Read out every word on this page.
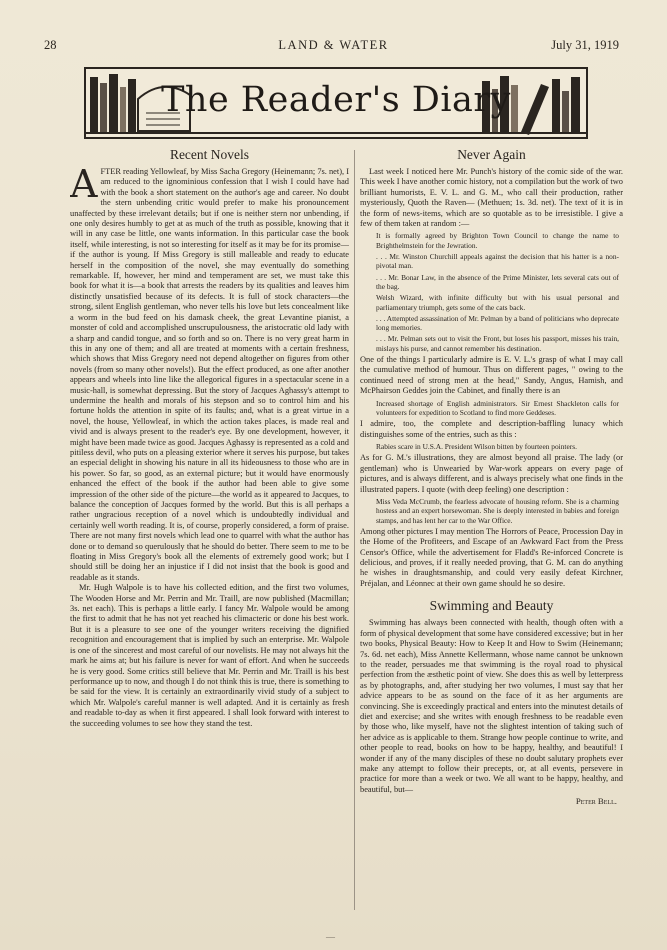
28	LAND & WATER	July 31, 1919
The Reader's Diary
Recent Novels
A FTER reading Yellowleaf, by Miss Sacha Gregory (Heinemann; 7s. net), I am reduced to the ignominious confession that I wish I could have had with the book a short statement on the author's age and career. No doubt the stern unbending critic would prefer to make his pronouncement unaffected by these irrelevant details; but if one is neither stern nor unbending, if one only desires humbly to get at as much of the truth as possible, knowing that it will in any case be little, one wants information. In this particular case the book itself, while interesting, is not so interesting for itself as it may be for its promise—if the author is young. If Miss Gregory is still malleable and ready to educate herself in the composition of the novel, she may eventually do something remarkable. If, however, her mind and temperament are set, we must take this book for what it is—a book that arrests the readers by its qualities and leaves him distinctly unsatisfied because of its defects. It is full of stock characters—the strong, silent English gentleman, who never tells his love but lets concealment like a worm in the bud feed on his damask cheek, the great Levantine pianist, a monster of cold and accomplished unscrupulousness, the aristocratic old lady with a sharp and candid tongue, and so forth and so on. There is no very great harm in this in any one of them; and all are treated at moments with a certain freshness, which shows that Miss Gregory need not depend altogether on figures from other novels (from so many other novels!). But the effect produced, as one after another appears and wheels into line like the allegorical figures in a spectacular scene in a music-hall, is somewhat depressing. But the story of Jacques Aghassy's attempt to undermine the health and morals of his stepson and so to control him and his fortune holds the attention in spite of its faults; and, what is a great virtue in a novel, the house, Yellowleaf, in which the action takes places, is made real and vivid and is always present to the reader's eye. By one development, however, it might have been made twice as good. Jacques Aghassy is represented as a cold and pitiless devil, who puts on a pleasing exterior where it serves his purpose, but takes an especial delight in showing his nature in all its hideousness to those who are in his power. So far, so good, as an external picture; but it would have enormously enhanced the effect of the book if the author had been able to give some impression of the other side of the picture—the world as it appeared to Jacques, to balance the conception of Jacques formed by the world. But this is all perhaps a rather ungracious reception of a novel which is undoubtedly individual and certainly well worth reading. It is, of course, properly considered, a form of praise. There are not many first novels which lead one to quarrel with what the author has done or to demand so querulously that he should do better. There seem to me to be floating in Miss Gregory's book all the elements of extremely good work; but I should still be doing her an injustice if I did not insist that the book is good and readable as it stands.

Mr. Hugh Walpole is to have his collected edition, and the first two volumes, The Wooden Horse and Mr. Perrin and Mr. Traill, are now published (Macmillan; 3s. net each). This is perhaps a little early. I fancy Mr. Walpole would be among the first to admit that he has not yet reached his climacteric or done his best work. But it is a pleasure to see one of the younger writers receiving the dignified recognition and encouragement that is implied by such an enterprise. Mr. Walpole is one of the sincerest and most careful of our novelists. He may not always hit the mark he aims at; but his failure is never for want of effort. And when he succeeds he is very good. Some critics still believe that Mr. Perrin and Mr. Traill is his best performance up to now, and though I do not think this is true, there is something to be said for the view. It is certainly an extraordinarily vivid study of a subject to which Mr. Walpole's careful manner is well adapted. And it is certainly as fresh and readable to-day as when it first appeared. I shall look forward with interest to the succeeding volumes to see how they stand the test.

Never Again

Last week I noticed here Mr. Punch's history of the comic side of the war. This week I have another comic history, not a compilation but the work of two brilliant humorists, E. V. L. and G. M., who call their production, rather mysteriously, Quoth the Raven— (Methuen; 1s. 3d. net). The text of it is in the form of news-items, which are so quotable as to be irresistible. I give a few of them taken at random :—

It is formally agreed by Brighton Town Council to change the name to Brighthelmstein for the Jewration.
. . . Mr. Winston Churchill appeals against the decision that his hatter is a non-pivotal man.
. . . Mr. Bonar Law, in the absence of the Prime Minister, lets several cats out of the bag.
Welsh Wizard, with infinite difficulty but with his usual personal and parliamentary triumph, gets some of the cats back.
. . . Attempted assassination of Mr. Pelman by a band of politicians who deprecate long memories.
. . . Mr. Pelman sets out to visit the Front, but loses his passport, misses his train, mislays his purse, and cannot remember his destination.

One of the things I particularly admire is E. V. L.'s grasp of what I may call the cumulative method of humour. Thus on different pages, " owing to the continued need of strong men at the head," Sandy, Angus, Hamish, and McPhairson Geddes join the Cabinet, and finally there is an

Increased shortage of English administrators. Sir Ernest Shackleton calls for volunteers for expedition to Scotland to find more Geddeses.

I admire, too, the complete and description-baffling lunacy which distinguishes some of the entries, such as this :

Rabies scare in U.S.A. President Wilson bitten by fourteen pointers.

As for G. M.'s illustrations, they are almost beyond all praise. The lady (or gentleman) who is Unwearied by War-work appears on every page of pictures, and is always different, and is always precisely what one finds in the illustrated papers. I quote (with deep feeling) one description :

Miss Veda McCrumb, the fearless advocate of housing reform. She is a charming hostess and an expert horsewoman. She is deeply interested in babies and foreign stamps, and has lent her car to the War Office.

Among other pictures I may mention The Horrors of Peace, Procession Day in the Home of the Profiteers, and Escape of an Awkward Fact from the Press Censor's Office, while the advertisement for Fladd's Re-inforced Concrete is delicious, and proves, if it really needed proving, that G. M. can do anything he wishes in draughtsmanship, and could very easily defeat Kirchner, Préjalan, and Léonnec at their own game should he so desire.

Swimming and Beauty

Swimming has always been connected with health, though often with a form of physical development that some have considered excessive; but in her two books, Physical Beauty: How to Keep It and How to Swim (Heinemann; 7s. 6d. net each), Miss Annette Kellermann, whose name cannot be unknown to the reader, persuades me that swimming is the royal road to physical perfection from the æsthetic point of view. She does this as well by letterpress as by photographs, and, after studying her two volumes, I must say that her advice appears to be as sound on the face of it as her arguments are convincing. She is exceedingly practical and enters into the minutest details of diet and exercise; and she writes with enough freshness to be readable even by those who, like myself, have not the slightest intention of taking such of her advice as is applicable to them. Strange how people continue to write, and other people to read, books on how to be happy, healthy, and beautiful! I wonder if any of the many disciples of these no doubt salutary prophets ever make any attempt to follow their precepts, or, at all events, persevere in practice for more than a week or two. We all want to be happy, healthy, and beautiful, but—

Peter Bell.
—
